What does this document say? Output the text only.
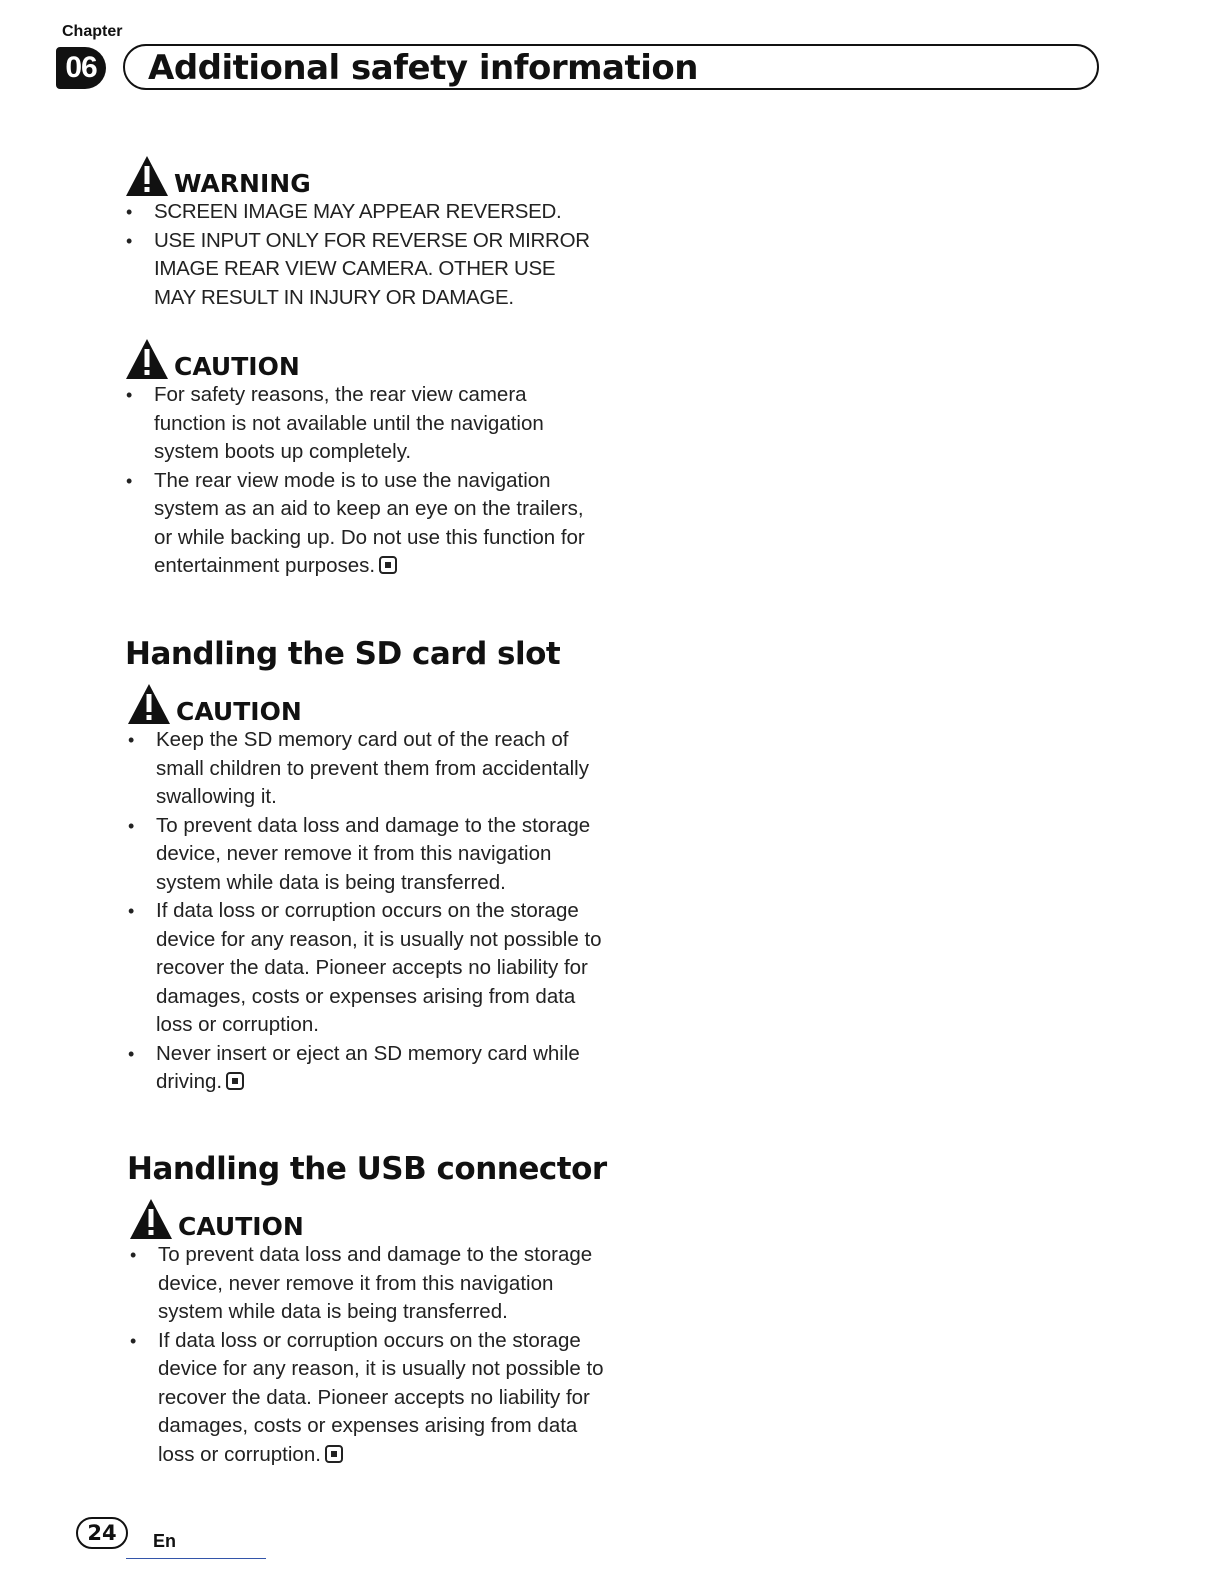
Chapter
06 Additional safety information
WARNING
• SCREEN IMAGE MAY APPEAR REVERSED.
• USE INPUT ONLY FOR REVERSE OR MIRROR IMAGE REAR VIEW CAMERA. OTHER USE MAY RESULT IN INJURY OR DAMAGE.
CAUTION
• For safety reasons, the rear view camera function is not available until the navigation system boots up completely.
• The rear view mode is to use the navigation system as an aid to keep an eye on the trailers, or while backing up. Do not use this function for entertainment purposes.
Handling the SD card slot
CAUTION
• Keep the SD memory card out of the reach of small children to prevent them from accidentally swallowing it.
• To prevent data loss and damage to the storage device, never remove it from this navigation system while data is being transferred.
• If data loss or corruption occurs on the storage device for any reason, it is usually not possible to recover the data. Pioneer accepts no liability for damages, costs or expenses arising from data loss or corruption.
• Never insert or eject an SD memory card while driving.
Handling the USB connector
CAUTION
• To prevent data loss and damage to the storage device, never remove it from this navigation system while data is being transferred.
• If data loss or corruption occurs on the storage device for any reason, it is usually not possible to recover the data. Pioneer accepts no liability for damages, costs or expenses arising from data loss or corruption.
24	En
